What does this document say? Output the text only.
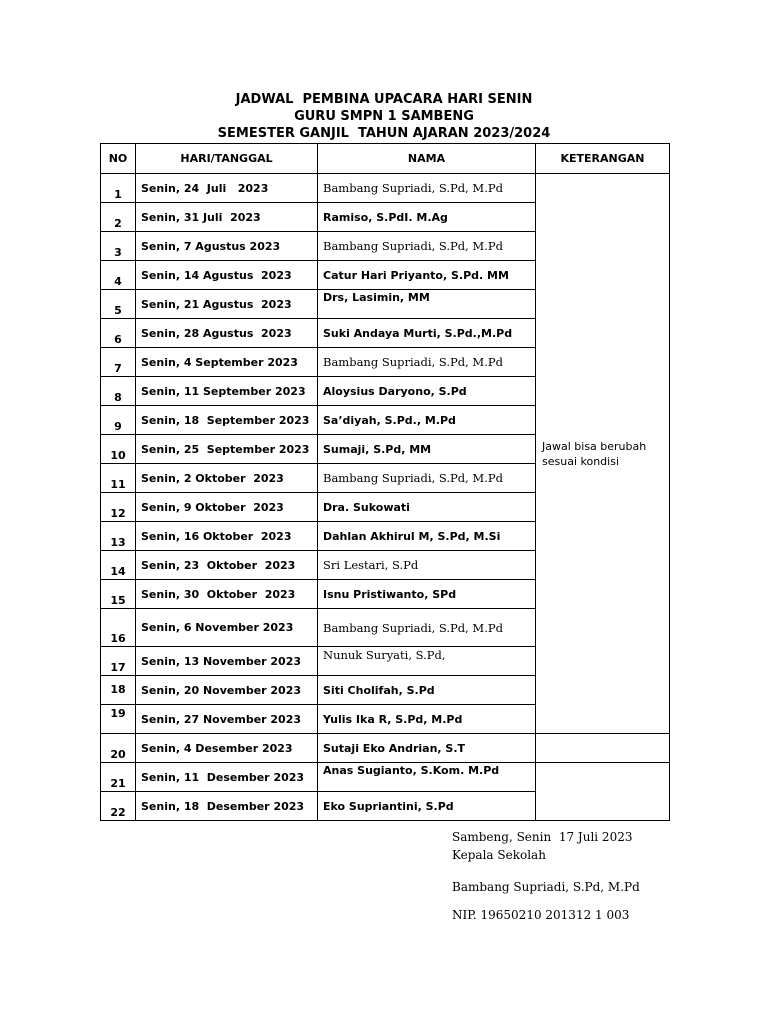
JADWAL  PEMBINA UPACARA HARI SENIN
GURU SMPN 1 SAMBENG
SEMESTER GANJIL  TAHUN AJARAN 2023/2024
NO	HARI/TANGGAL	NAMA	KETERANGAN
1	Senin, 24  Juli   2023	Bambang Supriadi, S.Pd, M.Pd	Jawal bisa berubah sesuai kondisi
2	Senin, 31 Juli  2023	Ramiso, S.PdI. M.Ag	
3	Senin, 7 Agustus 2023	Bambang Supriadi, S.Pd, M.Pd	
4	Senin, 14 Agustus  2023	Catur Hari Priyanto, S.Pd. MM	
5	Senin, 21 Agustus  2023	Drs, Lasimin, MM	
6	Senin, 28 Agustus  2023	Suki Andaya Murti, S.Pd.,M.Pd	
7	Senin, 4 September 2023	Bambang Supriadi, S.Pd, M.Pd	
8	Senin, 11 September 2023	Aloysius Daryono, S.Pd	
9	Senin, 18  September 2023	Sa’diyah, S.Pd., M.Pd	
10	Senin, 25  September 2023	Sumaji, S.Pd, MM	
11	Senin, 2 Oktober  2023	Bambang Supriadi, S.Pd, M.Pd	
12	Senin, 9 Oktober  2023	Dra. Sukowati	
13	Senin, 16 Oktober  2023	Dahlan Akhirul M, S.Pd, M.Si	
14	Senin, 23  Oktober  2023	Sri Lestari, S.Pd	
15	Senin, 30  Oktober  2023	Isnu Pristiwanto, SPd	
16	Senin, 6 November 2023	Bambang Supriadi, S.Pd, M.Pd	
17	Senin, 13 November 2023	Nunuk Suryati, S.Pd,	
18	Senin, 20 November 2023	Siti Cholifah, S.Pd	
19	Senin, 27 November 2023	Yulis Ika R, S.Pd, M.Pd	
20	Senin, 4 Desember 2023	Sutaji Eko Andrian, S.T	
21	Senin, 11  Desember 2023	Anas Sugianto, S.Kom. M.Pd	
22	Senin, 18  Desember 2023	Eko Supriantini, S.Pd	
Sambeng, Senin  17 Juli 2023
Kepala Sekolah
Bambang Supriadi, S.Pd, M.Pd
NIP. 19650210 201312 1 003
